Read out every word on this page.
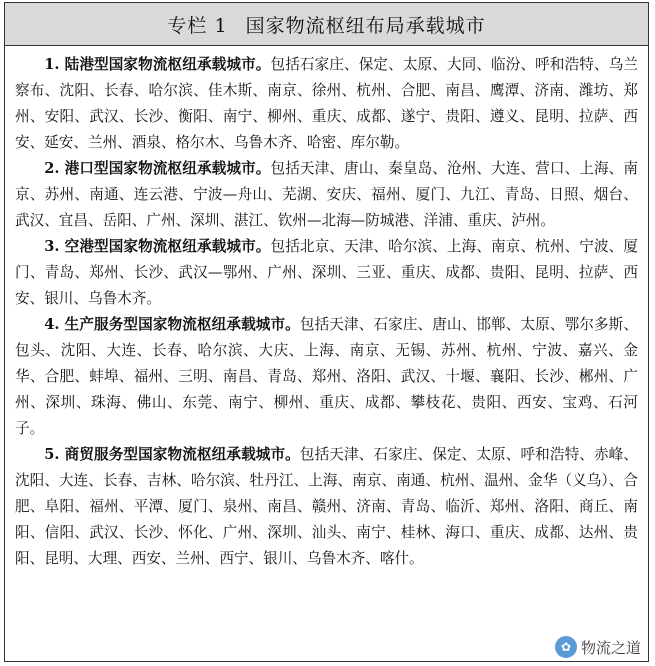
专栏 1 国家物流枢纽布局承载城市

1. 陆港型国家物流枢纽承载城市。包括石家庄、保定、太原、大同、临汾、呼和浩特、乌兰察布、沈阳、长春、哈尔滨、佳木斯、南京、徐州、杭州、合肥、南昌、鹰潭、济南、潍坊、郑州、安阳、武汉、长沙、衡阳、南宁、柳州、重庆、成都、遂宁、贵阳、遵义、昆明、拉萨、西安、延安、兰州、酒泉、格尔木、乌鲁木齐、哈密、库尔勒。

2. 港口型国家物流枢纽承载城市。包括天津、唐山、秦皇岛、沧州、大连、营口、上海、南京、苏州、南通、连云港、宁波—舟山、芜湖、安庆、福州、厦门、九江、青岛、日照、烟台、武汉、宜昌、岳阳、广州、深圳、湛江、钦州—北海—防城港、洋浦、重庆、泸州。

3. 空港型国家物流枢纽承载城市。包括北京、天津、哈尔滨、上海、南京、杭州、宁波、厦门、青岛、郑州、长沙、武汉—鄂州、广州、深圳、三亚、重庆、成都、贵阳、昆明、拉萨、西安、银川、乌鲁木齐。

4. 生产服务型国家物流枢纽承载城市。包括天津、石家庄、唐山、邯郸、太原、鄂尔多斯、包头、沈阳、大连、长春、哈尔滨、大庆、上海、南京、无锡、苏州、杭州、宁波、嘉兴、金华、合肥、蚌埠、福州、三明、南昌、青岛、郑州、洛阳、武汉、十堰、襄阳、长沙、郴州、广州、深圳、珠海、佛山、东莞、南宁、柳州、重庆、成都、攀枝花、贵阳、西安、宝鸡、石河子。

5. 商贸服务型国家物流枢纽承载城市。包括天津、石家庄、保定、太原、呼和浩特、赤峰、沈阳、大连、长春、吉林、哈尔滨、牡丹江、上海、南京、南通、杭州、温州、金华（义乌）、合肥、阜阳、福州、平潭、厦门、泉州、南昌、赣州、济南、青岛、临沂、郑州、洛阳、商丘、南阳、信阳、武汉、长沙、怀化、广州、深圳、汕头、南宁、桂林、海口、重庆、成都、达州、贵阳、昆明、大理、西安、兰州、西宁、银川、乌鲁木齐、喀什。

✿ 物流之道
